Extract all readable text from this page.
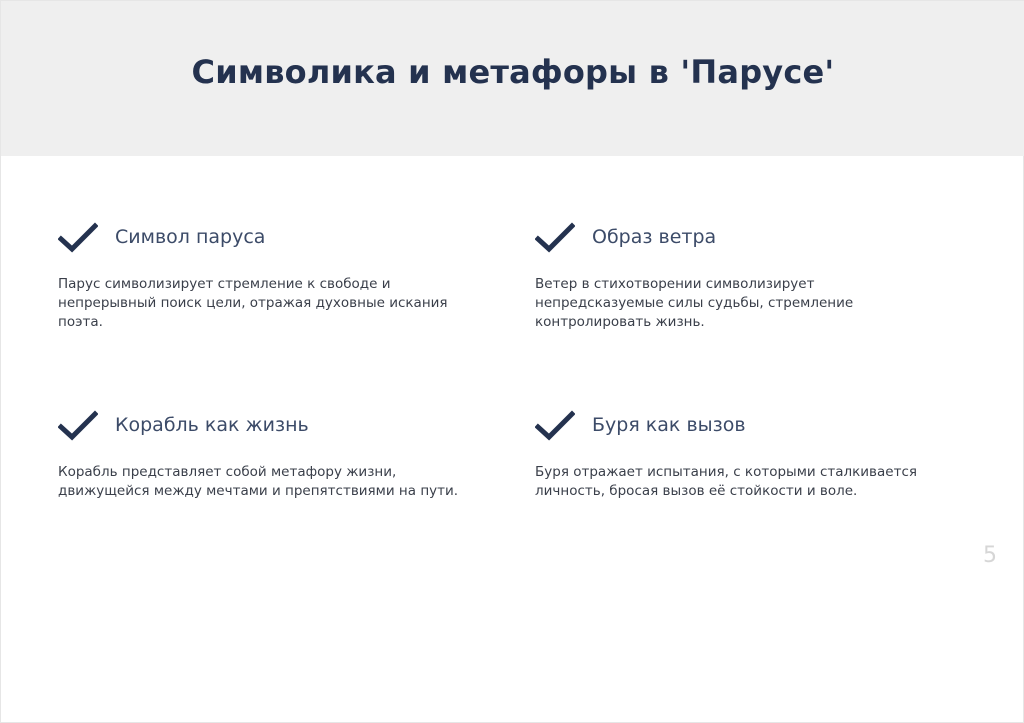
Символика и метафоры в 'Парусе'
Символ паруса
Парус символизирует стремление к свободе и непрерывный поиск цели, отражая духовные искания поэта.
Образ ветра
Ветер в стихотворении символизирует непредсказуемые силы судьбы, стремление контролировать жизнь.
Корабль как жизнь
Корабль представляет собой метафору жизни, движущейся между мечтами и препятствиями на пути.
Буря как вызов
Буря отражает испытания, с которыми сталкивается личность, бросая вызов её стойкости и воле.
5
